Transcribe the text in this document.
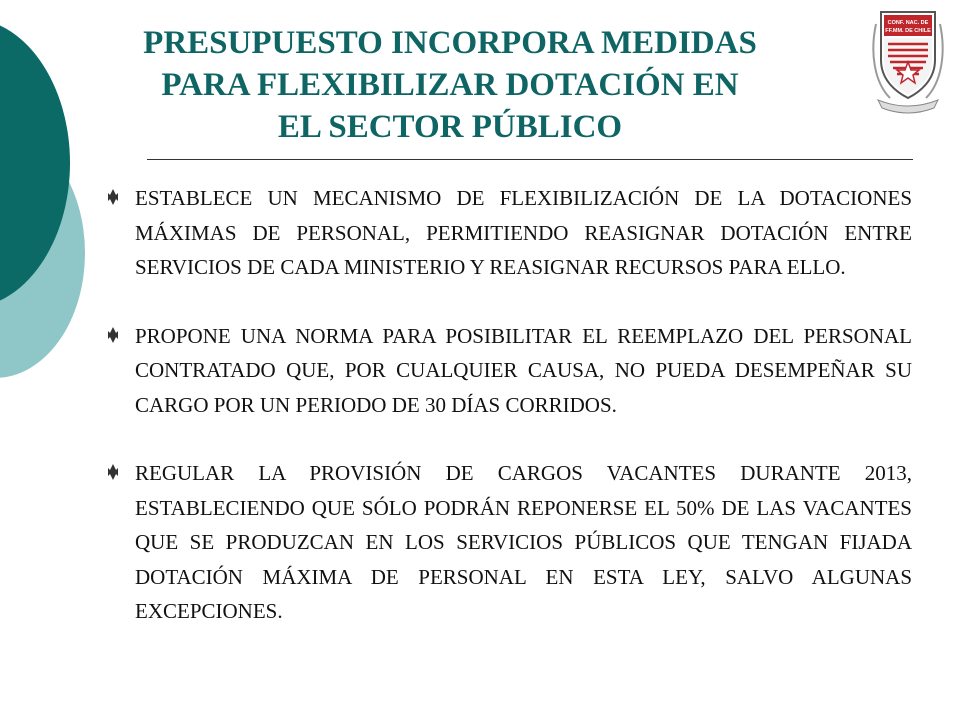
PRESUPUESTO INCORPORA MEDIDAS
PARA FLEXIBILIZAR DOTACIÓN EN
EL SECTOR PÚBLICO
CONF. NAC. DE
FF.MM. DE CHILE
ESTABLECE UN MECANISMO DE FLEXIBILIZACIÓN DE LA DOTACIONES MÁXIMAS DE PERSONAL, PERMITIENDO REASIGNAR DOTACIÓN ENTRE SERVICIOS DE CADA MINISTERIO Y REASIGNAR RECURSOS PARA ELLO.
PROPONE UNA NORMA PARA POSIBILITAR EL REEMPLAZO DEL PERSONAL CONTRATADO QUE, POR CUALQUIER CAUSA, NO PUEDA DESEMPEÑAR SU CARGO POR UN PERIODO DE 30 DÍAS CORRIDOS.
REGULAR LA PROVISIÓN DE CARGOS VACANTES DURANTE 2013, ESTABLECIENDO QUE SÓLO PODRÁN REPONERSE EL 50% DE LAS VACANTES QUE SE PRODUZCAN EN LOS SERVICIOS PÚBLICOS QUE TENGAN FIJADA DOTACIÓN MÁXIMA DE PERSONAL EN ESTA LEY, SALVO ALGUNAS EXCEPCIONES.
